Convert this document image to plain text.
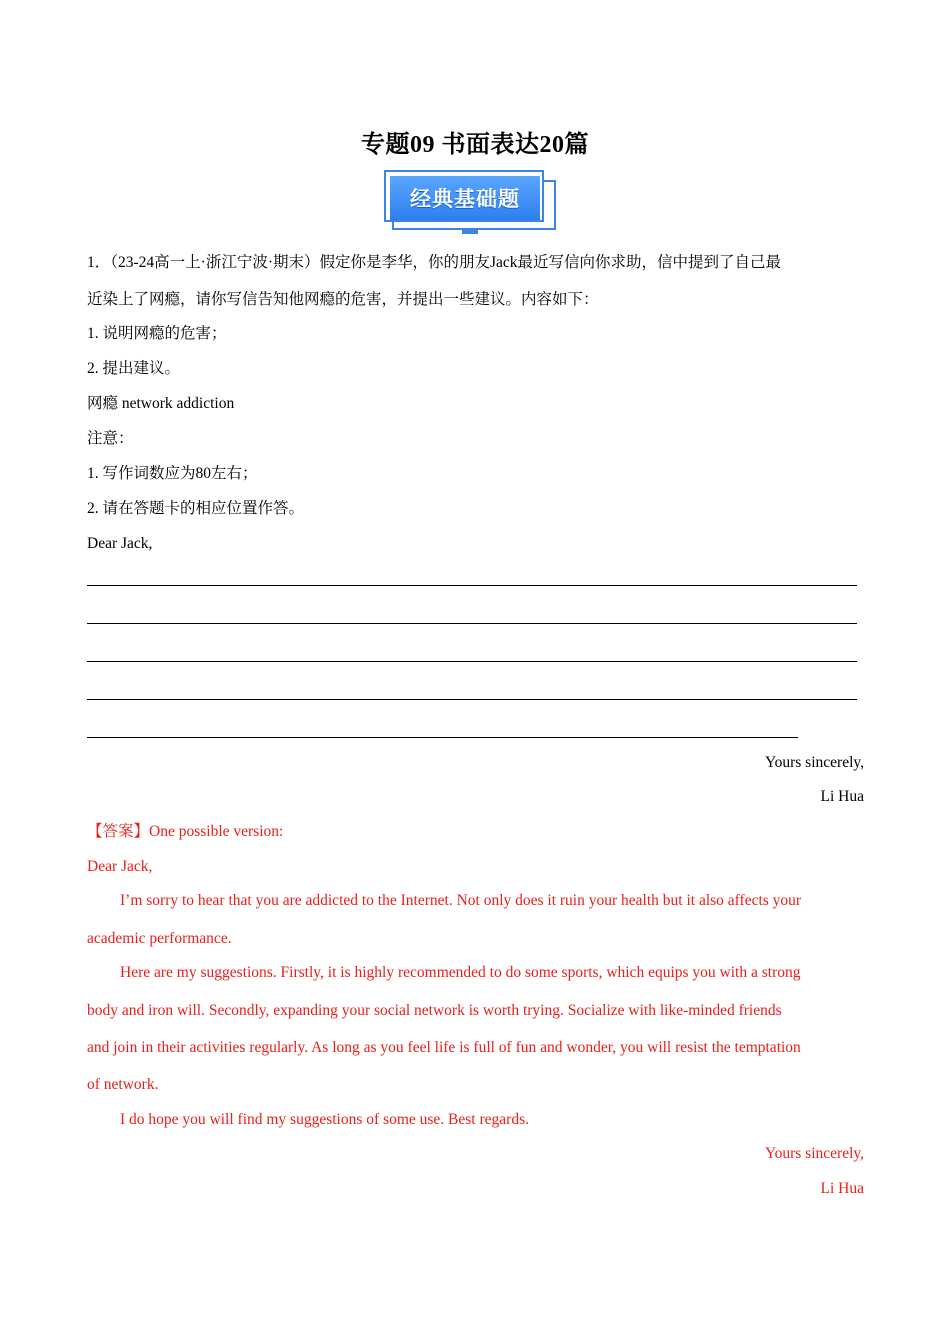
专题09 书面表达20篇
经典基础题
1．（23-24高一上·浙江宁波·期末）假定你是李华，你的朋友Jack最近写信向你求助，信中提到了自己最
近染上了网瘾，请你写信告知他网瘾的危害，并提出一些建议。内容如下：
1. 说明网瘾的危害；
2. 提出建议。
网瘾 network addiction
注意：
1. 写作词数应为80左右；
2. 请在答题卡的相应位置作答。
Dear Jack,
Yours sincerely,
Li Hua
【答案】One possible version:
Dear Jack,
I’m sorry to hear that you are addicted to the Internet. Not only does it ruin your health but it also affects your
academic performance.
Here are my suggestions. Firstly, it is highly recommended to do some sports, which equips you with a strong
body and iron will. Secondly, expanding your social network is worth trying. Socialize with like-minded friends
and join in their activities regularly. As long as you feel life is full of fun and wonder, you will resist the temptation
of network.
I do hope you will find my suggestions of some use. Best regards.
Yours sincerely,
Li Hua
